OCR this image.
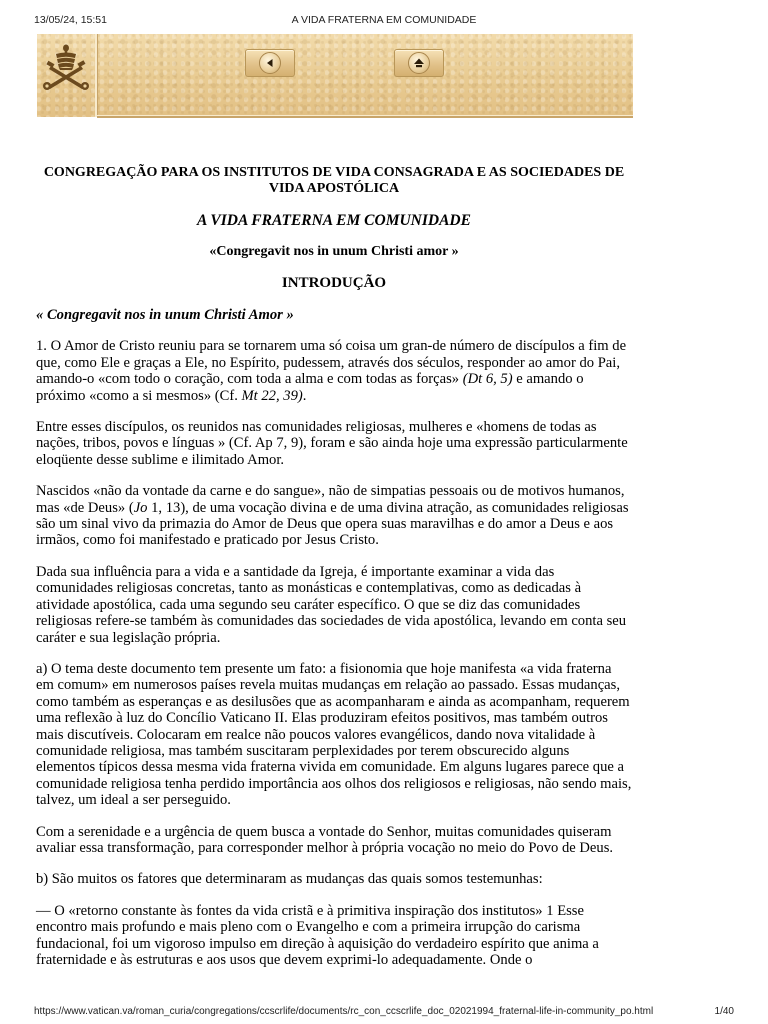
13/05/24, 15:51	A VIDA FRATERNA EM COMUNIDADE

CONGREGAÇÃO PARA OS INSTITUTOS DE VIDA CONSAGRADA E AS SOCIEDADES DE VIDA APOSTÓLICA

A VIDA FRATERNA EM COMUNIDADE

«Congregavit nos in unum Christi amor »

INTRODUÇÃO

« Congregavit nos in unum Christi Amor »

1. O Amor de Cristo reuniu para se tornarem uma só coisa um gran-de número de discípulos a fim de que, como Ele e graças a Ele, no Espírito, pudessem, através dos séculos, responder ao amor do Pai, amando-o «com todo o coração, com toda a alma e com todas as forças» (Dt 6, 5) e amando o próximo «como a si mesmos» (Cf. Mt 22, 39).

Entre esses discípulos, os reunidos nas comunidades religiosas, mulheres e «homens de todas as nações, tribos, povos e línguas » (Cf. Ap 7, 9), foram e são ainda hoje uma expressão particularmente eloqüente desse sublime e ilimitado Amor.

Nascidos «não da vontade da carne e do sangue», não de simpatias pessoais ou de motivos humanos, mas «de Deus» (Jo 1, 13), de uma vocação divina e de uma divina atração, as comunidades religiosas são um sinal vivo da primazia do Amor de Deus que opera suas maravilhas e do amor a Deus e aos irmãos, como foi manifestado e praticado por Jesus Cristo.

Dada sua influência para a vida e a santidade da Igreja, é importante examinar a vida das comunidades religiosas concretas, tanto as monásticas e contemplativas, como as dedicadas à atividade apostólica, cada uma segundo seu caráter específico. O que se diz das comunidades religiosas refere-se também às comunidades das sociedades de vida apostólica, levando em conta seu caráter e sua legislação própria.

a) O tema deste documento tem presente um fato: a fisionomia que hoje manifesta «a vida fraterna em comum» em numerosos países revela muitas mudanças em relação ao passado. Essas mudanças, como também as esperanças e as desilusões que as acompanharam e ainda as acompanham, requerem uma reflexão à luz do Concílio Vaticano II. Elas produziram efeitos positivos, mas também outros mais discutíveis. Colocaram em realce não poucos valores evangélicos, dando nova vitalidade à comunidade religiosa, mas também suscitaram perplexidades por terem obscurecido alguns elementos típicos dessa mesma vida fraterna vivida em comunidade. Em alguns lugares parece que a comunidade religiosa tenha perdido importância aos olhos dos religiosos e religiosas, não sendo mais, talvez, um ideal a ser perseguido.

Com a serenidade e a urgência de quem busca a vontade do Senhor, muitas comunidades quiseram avaliar essa transformação, para corresponder melhor à própria vocação no meio do Povo de Deus.

b) São muitos os fatores que determinaram as mudanças das quais somos testemunhas:

— O «retorno constante às fontes da vida cristã e à primitiva inspiração dos institutos» 1 Esse encontro mais profundo e mais pleno com o Evangelho e com a primeira irrupção do carisma fundacional, foi um vigoroso impulso em direção à aquisição do verdadeiro espírito que anima a fraternidade e às estruturas e aos usos que devem exprimi-lo adequadamente. Onde o

https://www.vatican.va/roman_curia/congregations/ccscrlife/documents/rc_con_ccscrlife_doc_02021994_fraternal-life-in-community_po.html	1/40
